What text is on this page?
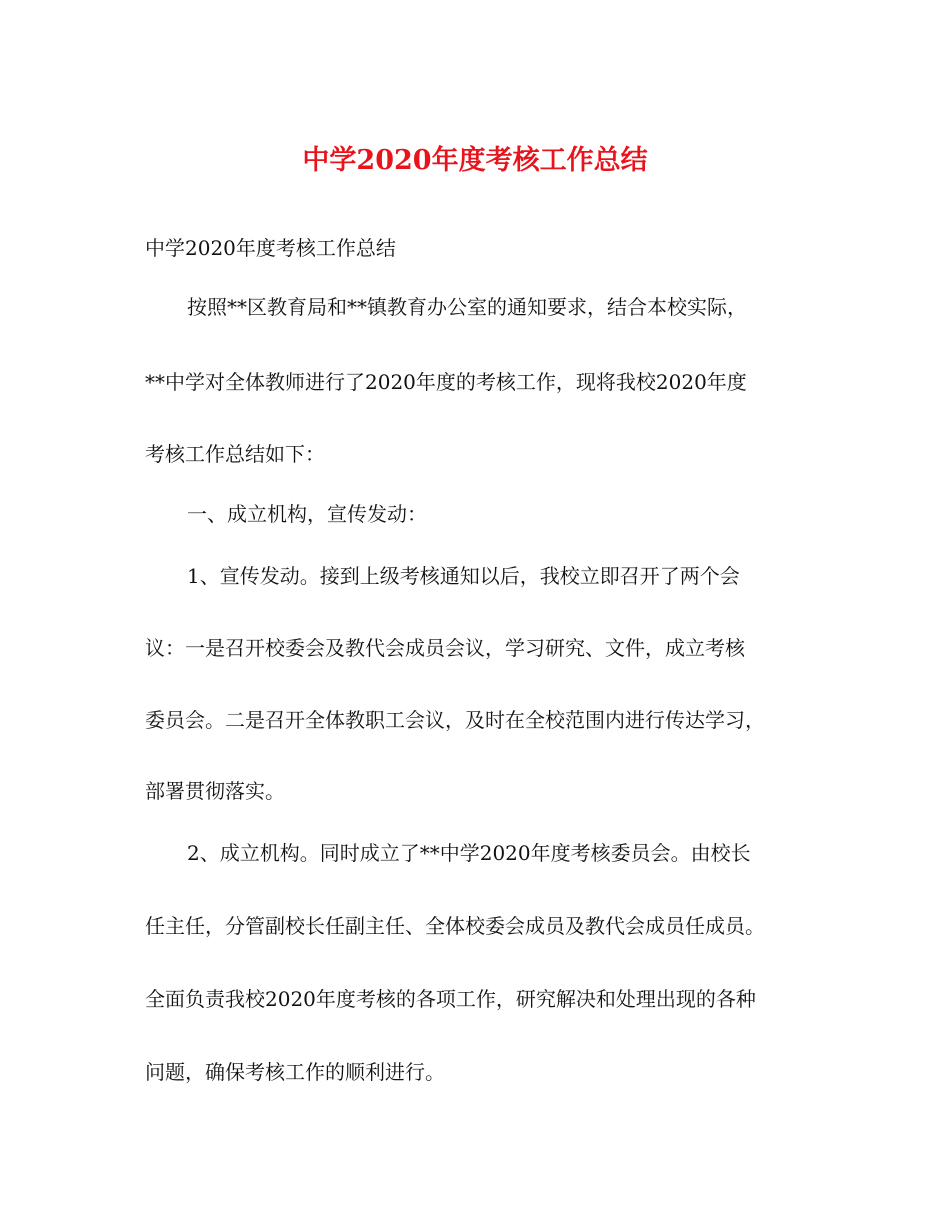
中学2020年度考核工作总结
中学2020年度考核工作总结
按照**区教育局和**镇教育办公室的通知要求，结合本校实际，
**中学对全体教师进行了2020年度的考核工作，现将我校2020年度
考核工作总结如下：
一、成立机构，宣传发动：
1、宣传发动。接到上级考核通知以后，我校立即召开了两个会
议：一是召开校委会及教代会成员会议，学习研究、文件，成立考核
委员会。二是召开全体教职工会议，及时在全校范围内进行传达学习，
部署贯彻落实。
2、成立机构。同时成立了**中学2020年度考核委员会。由校长
任主任，分管副校长任副主任、全体校委会成员及教代会成员任成员。
全面负责我校2020年度考核的各项工作，研究解决和处理出现的各种
问题，确保考核工作的顺利进行。
